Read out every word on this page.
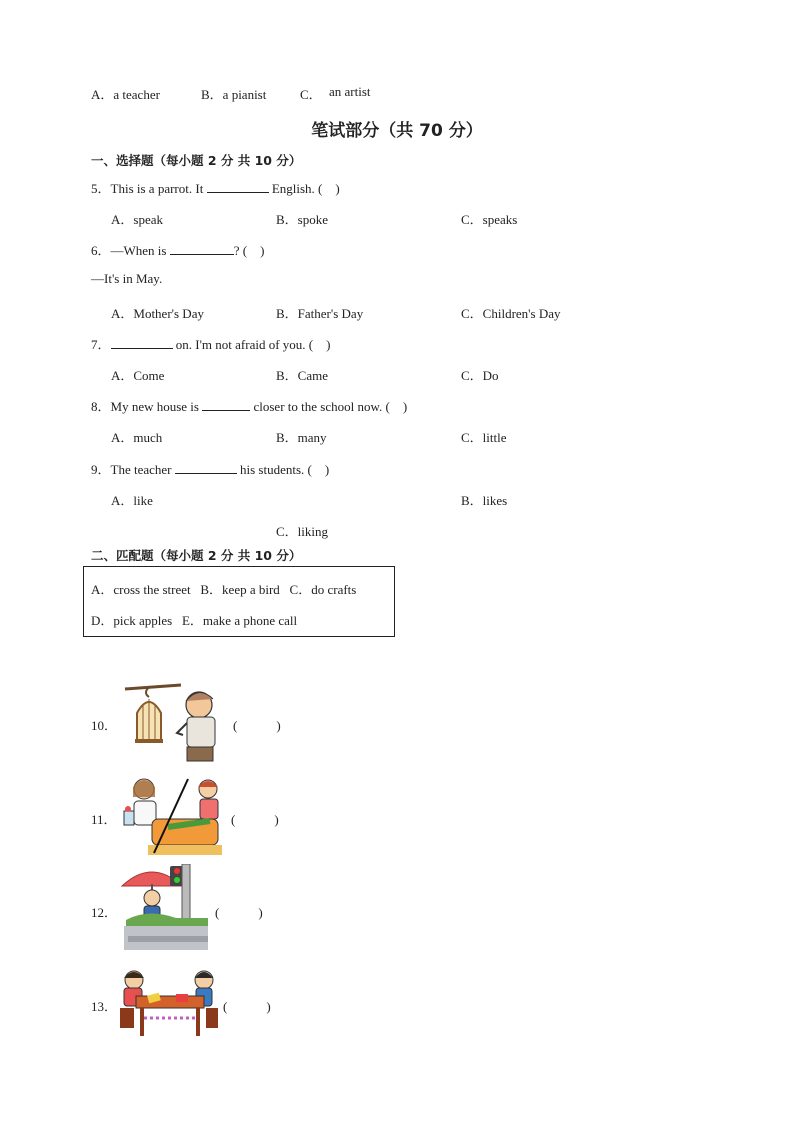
A．a teacher	B．a pianist	C． an artist
笔试部分（共 70 分）
一、选择题（每小题 2 分 共 10 分）
5．This is a parrot. It	English. (　)
A．speak	B．spoke	C．speaks
6．—When is	? (　)
—It's in May.
A．Mother's Day	B．Father's Day	C．Children's Day
7．	on. I'm not afraid of you. (　)
A．Come	B．Came	C．Do
8．My new house is	closer to the school now. (　)
A．much	B．many	C．little
9．The teacher	his students. (　)
A．like	B．likes
C．liking
二、匹配题（每小题 2 分 共 10 分）
A．cross the street   B．keep a bird   C．do crafts
D．pick apples   E．make a phone call
10．	(　　　)
11．	(　　　)
12．	(　　　)
13．	(　　　)
